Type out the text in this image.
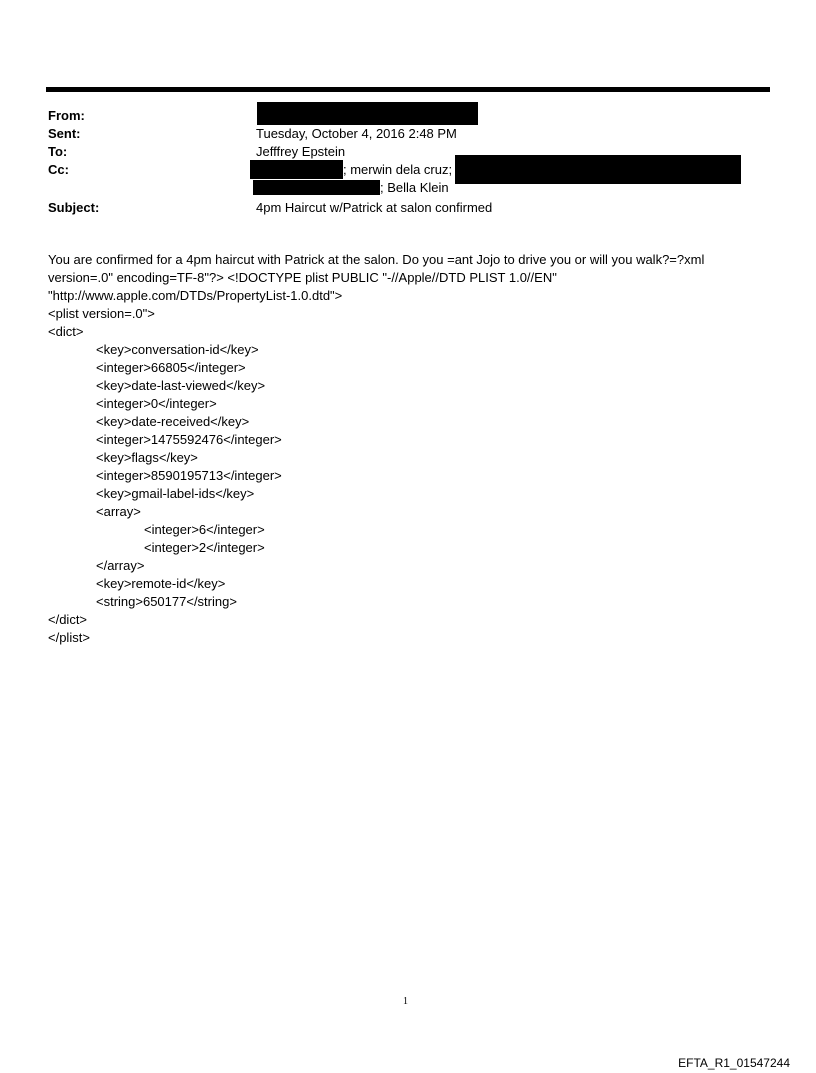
From:
Sent:	Tuesday, October 4, 2016 2:48 PM
To:	Jefffrey Epstein
Cc:	; merwin dela cruz;
; Bella Klein
Subject:	4pm Haircut w/Patrick at salon confirmed

You are confirmed for a 4pm haircut with Patrick at the salon. Do you =ant Jojo to drive you or will you walk?=?xml
version=.0" encoding=TF-8"?> <!DOCTYPE plist PUBLIC "-//Apple//DTD PLIST 1.0//EN"
"http://www.apple.com/DTDs/PropertyList-1.0.dtd">

<plist version=.0">
<dict>
<key>conversation-id</key>
<integer>66805</integer>
<key>date-last-viewed</key>
<integer>0</integer>
<key>date-received</key>
<integer>1475592476</integer>
<key>flags</key>
<integer>8590195713</integer>
<key>gmail-label-ids</key>
<array>
<integer>6</integer>
<integer>2</integer>
</array>
<key>remote-id</key>
<string>650177</string>
</dict>
</plist>
1
EFTA_R1_01547244
